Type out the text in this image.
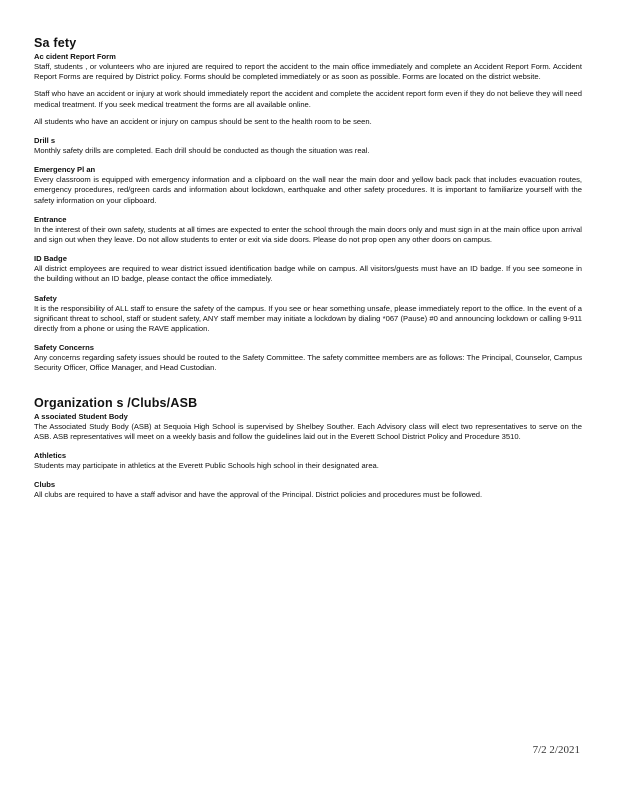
Sa fety
Ac cident Report Form

Staff, students , or volunteers who are injured are required to report the accident to the main office immediately and complete an Accident Report Form. Accident Report Forms are required by District policy. Forms should be completed immediately or as soon as possible. Forms are located on the district website.

Staff who have an accident or injury at work should immediately report the accident and complete the accident report form even if they do not believe they will need medical treatment. If you seek medical treatment the forms are all available online.

All students who have an accident or injury on campus should be sent to the health room to be seen.

Drill s

Monthly safety drills are completed. Each drill should be conducted as though the situation was real.

Emergency Pl an

Every classroom is equipped with emergency information and a clipboard on the wall near the main door and yellow back pack that includes evacuation routes, emergency procedures, red/green cards and information about lockdown, earthquake and other safety procedures. It is important to familiarize yourself with the safety information on your clipboard.

Entrance

In the interest of their own safety, students at all times are expected to enter the school through the main doors only and must sign in at the main office upon arrival and sign out when they leave. Do not allow students to enter or exit via side doors. Please do not prop open any other doors on campus.

ID Badge

All district employees are required to wear district issued identification badge while on campus. All visitors/guests must have an ID badge. If you see someone in the building without an ID badge, please contact the office immediately.

Safety

It is the responsibility of ALL staff to ensure the safety of the campus. If you see or hear something unsafe, please immediately report to the office. In the event of a significant threat to school, staff or student safety, ANY staff member may initiate a lockdown by dialing *067 (Pause) #0 and announcing lockdown or calling 9-911 directly from a phone or using the RAVE application.

Safety Concerns

Any concerns regarding safety issues should be routed to the Safety Committee. The safety committee members are as follows: The Principal, Counselor, Campus Security Officer, Office Manager, and Head Custodian.

Organization s /Clubs/ASB
A ssociated Student Body

The Associated Study Body (ASB) at Sequoia High School is supervised by Shelbey Souther. Each Advisory class will elect two representatives to serve on the ASB. ASB representatives will meet on a weekly basis and follow the guidelines laid out in the Everett School District Policy and Procedure 3510.

Athletics

Students may participate in athletics at the Everett Public Schools high school in their designated area.

Clubs

All clubs are required to have a staff advisor and have the approval of the Principal. District policies and procedures must be followed.

7/2 2/2021
